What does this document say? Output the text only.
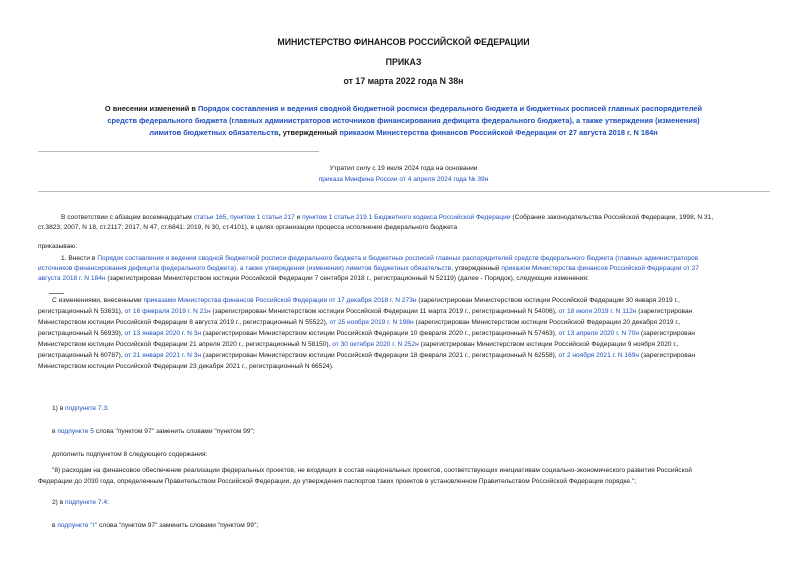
МИНИСТЕРСТВО ФИНАНСОВ РОССИЙСКОЙ ФЕДЕРАЦИИ
ПРИКАЗ
от 17 марта 2022 года N 38н
О внесении изменений в Порядок составления и ведения сводной бюджетной росписи федерального бюджета и бюджетных росписей главных распорядителей
средств федерального бюджета (главных администраторов источников финансирования дефицита федерального бюджета), а также утверждения (изменения)
лимитов бюджетных обязательств, утвержденный приказом Министерства финансов Российской Федерации от 27 августа 2018 г. N 184н
Утратил силу с 19 июля 2024 года на основании
приказа Минфина России от 4 апреля 2024 года № 39н
В соответствии с абзацем восемнадцатым статьи 165, пунктом 1 статьи 217 и пунктом 1 статьи 219.1 Бюджетного кодекса Российской Федерации (Собрание законодательства Российской Федерации, 1998, N 31,
ст.3823; 2007, N 18, ст.2117; 2017, N 47, ст.6841; 2019, N 30, ст.4101), в целях организации процесса исполнения федерального бюджета
приказываю:
1. Внести в Порядок составления и ведения сводной бюджетной росписи федерального бюджета и бюджетных росписей главных распорядителей средств федерального бюджета (главных администраторов
источников финансирования дефицита федерального бюджета), а также утверждения (изменения) лимитов бюджетных обязательств, утвержденный приказом Министерства финансов Российской Федерации от 27
августа 2018 г. N 184н (зарегистрирован Министерством юстиции Российской Федерации 7 сентября 2018 г., регистрационный N 52119) (далее - Порядок), следующие изменения:
С изменениями, внесенными приказами Министерства финансов Российской Федерации от 17 декабря 2018 г. N 273н (зарегистрирован Министерством юстиции Российской Федерации 30 января 2019 г.,
регистрационный N 53631), от 16 февраля 2019 г. N 21н (зарегистрирован Министерством юстиции Российской Федерации 11 марта 2019 г., регистрационный N 54006), от 18 июля 2019 г. N 112н (зарегистрирован
Министерством юстиции Российской Федерации 8 августа 2019 г., регистрационный N 55522), от 25 ноября 2019 г. N 198н (зарегистрирован Министерством юстиции Российской Федерации 20 декабря 2019 г.,
регистрационный N 56939), от 13 января 2020 г. N 3н (зарегистрирован Министерством юстиции Российской Федерации 10 февраля 2020 г., регистрационный N 57463), от 13 апреля 2020 г. N 70н (зарегистрирован
Министерством юстиции Российской Федерации 21 апреля 2020 г., регистрационный N 58150), от 30 октября 2020 г. N 252н (зарегистрирован Министерством юстиции Российской Федерации 9 ноября 2020 г.,
регистрационный N 60787), от 21 января 2021 г. N 3н (зарегистрирован Министерством юстиции Российской Федерации 18 февраля 2021 г., регистрационный N 62558), от 2 ноября 2021 г. N 169н (зарегистрирован
Министерством юстиции Российской Федерации 23 декабря 2021 г., регистрационный N 66524).
1) в подпункте 7.3:
в подпункте 5 слова "пунктом 97" заменить словами "пунктом 99";
дополнить подпунктом 8 следующего содержания:
"8) расходам на финансовое обеспечение реализации федеральных проектов, не входящих в состав национальных проектов, соответствующих инициативам социально-экономического развития Российской
Федерации до 2030 года, определенным Правительством Российской Федерации, до утверждения паспортов таких проектов в установленном Правительством Российской Федерации порядке.";
2) в подпункте 7.4:
в подпункте "г" слова "пунктом 97" заменить словами "пунктом 99";
